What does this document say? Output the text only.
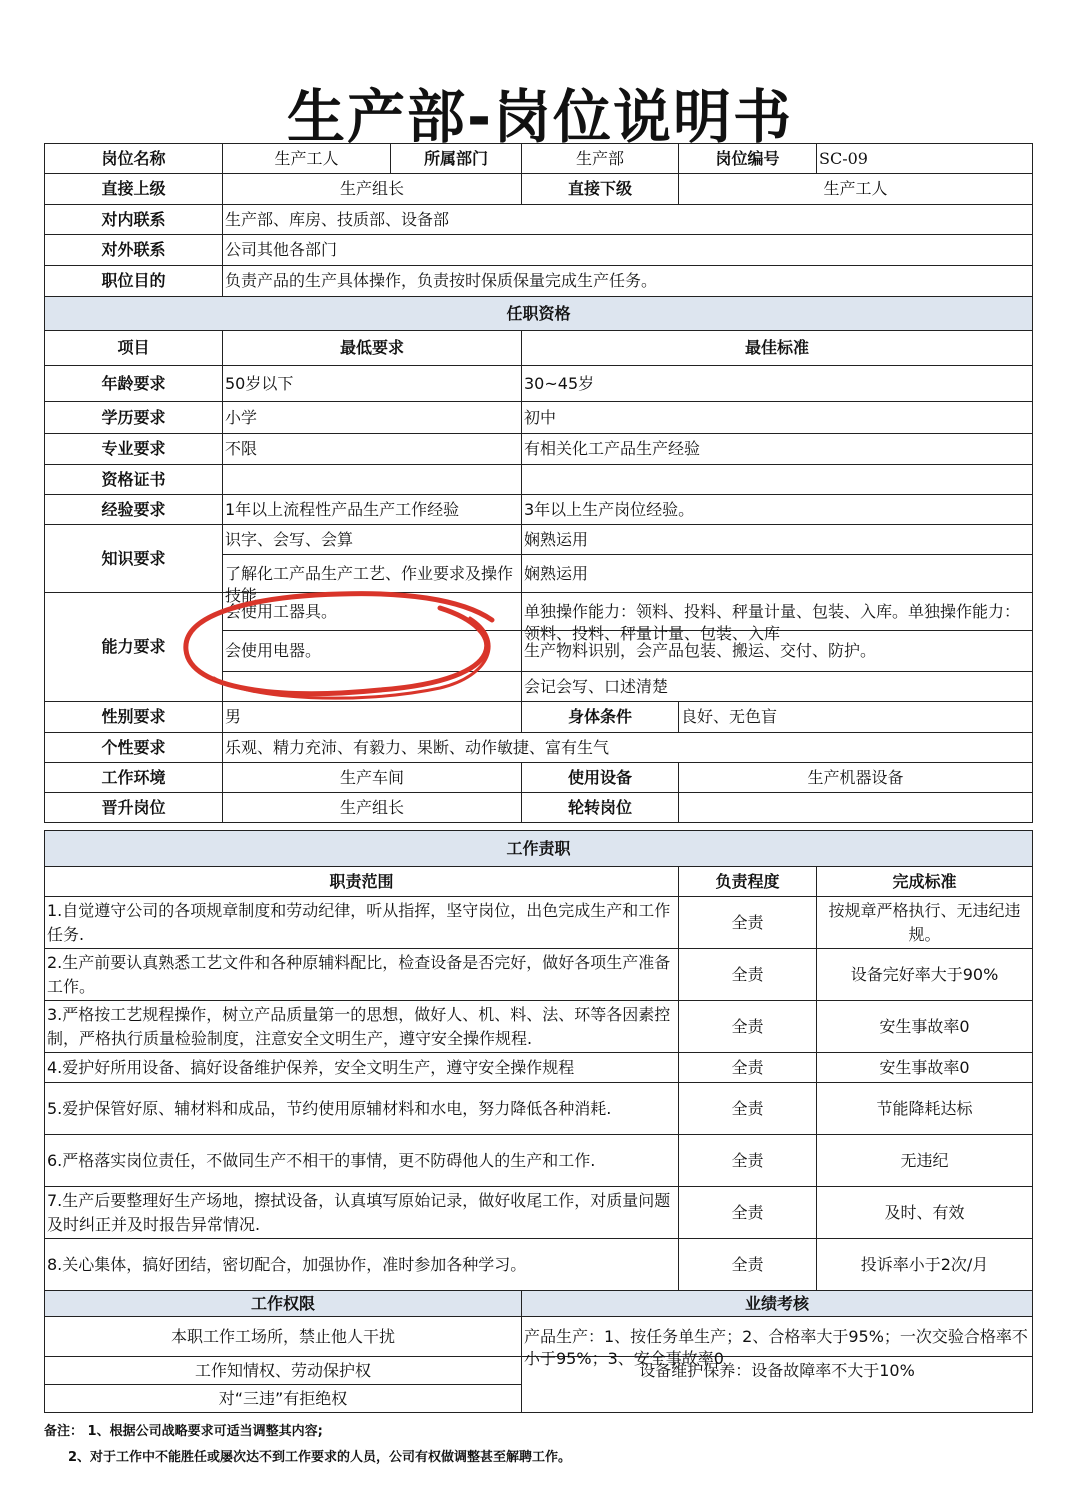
生产部-岗位说明书
岗位名称	生产工人	所属部门	生产部	岗位编号	SC-09
直接上级	生产组长		直接下级	生产工人	
对内联系	生产部、库房、技质部、设备部				
对外联系	公司其他各部门				
职位目的	负责产品的生产具体操作，负责按时保质保量完成生产任务。				
任职资格					
项目	最低要求		最佳标准		
年龄要求	50岁以下		30~45岁		
学历要求	小学		初中		
专业要求	不限		有相关化工产品生产经验		
资格证书					
经验要求	1年以上流程性产品生产工作经验		3年以上生产岗位经验。		
知识要求	识字、会写、会算		娴熟运用		

	了解化工产品生产工艺、作业要求及操作技能		娴熟运用		
能力要求	会使用工器具。		单独操作能力：领料、投料、秤量计量、包装、入库。单独操作能力：领料、投料、秤量计量、包装、入库		

	会使用电器。		生产物料识别，会产品包装、搬运、交付、防护。		
			会记会写、口述清楚		
性别要求	男		身体条件	良好、无色盲	
个性要求	乐观、精力充沛、有毅力、果断、动作敏捷、富有生气				
工作环境	生产车间		使用设备	生产机器设备	
晋升岗位	生产组长		轮转岗位		
工作责职		
职责范围	负责程度	完成标准
1.自觉遵守公司的各项规章制度和劳动纪律，听从指挥，坚守岗位，出色完成生产和工作任务.	全责	按规章严格执行、无违纪违规。
2.生产前要认真熟悉工艺文件和各种原辅料配比，检查设备是否完好，做好各项生产准备工作。	全责	设备完好率大于90%
3.严格按工艺规程操作，树立产品质量第一的思想，做好人、机、料、法、环等各因素控制，严格执行质量检验制度，注意安全文明生产，遵守安全操作规程.	全责	安生事故率0
4.爱护好所用设备、搞好设备维护保养，安全文明生产，遵守安全操作规程	全责	安生事故率0
5.爱护保管好原、辅材料和成品，节约使用原辅材料和水电，努力降低各种消耗.	全责	节能降耗达标
6.严格落实岗位责任，不做同生产不相干的事情，更不防碍他人的生产和工作.	全责	无违纪
7.生产后要整理好生产场地，擦拭设备，认真填写原始记录，做好收尾工作，对质量问题及时纠正并及时报告异常情况.	全责	及时、有效
8.关心集体，搞好团结，密切配合，加强协作，准时参加各种学习。	全责	投诉率小于2次/月
工作权限	业绩考核
本职工作工场所，禁止他人干扰	产品生产：1、按任务单生产；2、合格率大于95%；一次交验合格率不小于95%；3、安全事故率0

工作知情权、劳动保护权	设备维护保养：设备故障率不大于10%
对“三违”有拒绝权	
备注： 1、根据公司战略要求可适当调整其内容;
2、对于工作中不能胜任或屡次达不到工作要求的人员，公司有权做调整甚至解聘工作。
